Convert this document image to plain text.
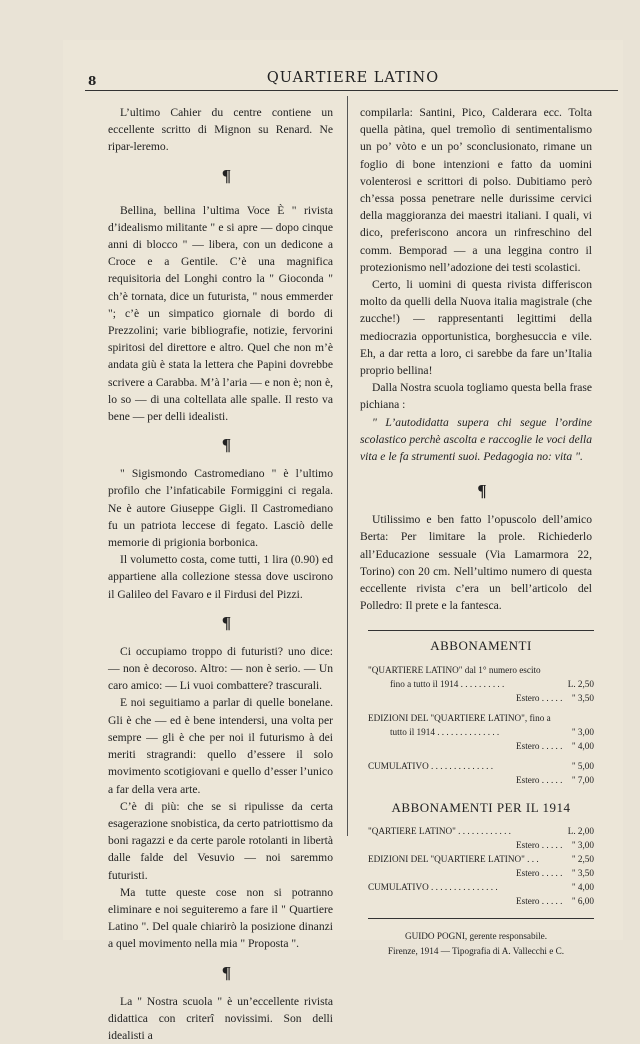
8	QUARTIERE LATINO

L’ultimo Cahier du centre contiene un eccellente scritto di Mignon su Renard. Ne ripar-leremo.

¶

Bellina, bellina l’ultima Voce È " rivista d’idealismo militante " e si apre — dopo cinque anni di blocco " — libera, con un dedicone a Croce e a Gentile. C’è una magnifica requisitoria del Longhi contro la " Gioconda " ch’è tornata, dice un futurista, " nous emmerder "; c’è un simpatico giornale di bordo di Prezzolini; varie bibliografie, notizie, fervorini spiritosi del direttore e altro. Quel che non m’è andata giù è stata la lettera che Papini dovrebbe scrivere a Carabba. M’à l’aria — e non è; non è, lo so — di una coltellata alle spalle. Il resto va bene — per delli idealisti.

¶

" Sigismondo Castromediano " è l’ultimo profilo che l’infaticabile Formiggini ci regala. Ne è autore Giuseppe Gigli. Il Castromediano fu un patriota leccese di fegato. Lasciò delle memorie di prigionia borbonica.

Il volumetto costa, come tutti, 1 lira (0.90) ed appartiene alla collezione stessa dove uscirono il Galileo del Favaro e il Firdusi del Pizzi.

¶

Ci occupiamo troppo di futuristi? uno dice: — non è decoroso. Altro: — non è serio. — Un caro amico: — Li vuoi combattere? trascurali.

E noi seguitiamo a parlar di quelle bonelane. Gli è che — ed è bene intendersi, una volta per sempre — gli è che per noi il futurismo à dei meriti stragrandi: quello d’essere il solo movimento scotigiovani e quello d’esser l’unico a far della vera arte.

C’è di più: che se si ripulisse da certa esagerazione snobistica, da certo patriottismo da boni ragazzi e da certe parole rotolanti in libertà dalle falde del Vesuvio — noi saremmo futuristi.

Ma tutte queste cose non si potranno eliminare e noi seguiteremo a fare il " Quartiere Latino ". Del quale chiarirò la posizione dinanzi a quel movimento nella mia " Proposta ".

¶

La " Nostra scuola " è un’eccellente rivista didattica con criterî novissimi. Son delli idealisti a

compilarla: Santini, Pico, Calderara ecc. Tolta quella pàtina, quel tremolìo di sentimentalismo un po’ vòto e un po’ sconclusionato, rimane un foglio di bone intenzioni e fatto da uomini volenterosi e scrittori di polso. Dubitiamo però ch’essa possa penetrare nelle durissime cervici della maggioranza dei maestri italiani. I quali, vi dico, preferiscono ancora un rinfreschino del comm. Bemporad — a una leggina contro il protezionismo nell’adozione dei testi scolastici.

Certo, li uomini di questa rivista differiscon molto da quelli della Nuova italia magistrale (che zucche!) — rappresentanti legittimi della mediocrazia opportunistica, borghesuccia e vile. Eh, a dar retta a loro, ci sarebbe da fare un’Italia proprio bellina!

Dalla Nostra scuola togliamo questa bella frase pichiana :

" L’autodidatta supera chi segue l’ordine scolastico perchè ascolta e raccoglie le voci della vita e le fa strumenti suoi. Pedagogia no: vita ".

¶

Utilissimo e ben fatto l’opuscolo dell’amico Berta: Per limitare la prole. Richiederlo all’Educazione sessuale (Via Lamarmora 22, Torino) con 20 cm. Nell’ultimo numero di questa eccellente rivista c’era un bell’articolo del Polledro: Il prete e la fantesca.

ABBONAMENTI
"QUARTIERE LATINO" dal 1° numero escito
fino a tutto il 1914 . . . . . . . . . .	L. 2,50
Estero . . . . . " 3,50
EDIZIONI DEL "QUARTIERE LATINO", fino a
tutto il 1914 . . . . . . . . . . . . . .	" 3,00
Estero . . . . . " 4,00
CUMULATIVO . . . . . . . . . . . . . .	" 5,00
Estero . . . . . " 7,00
ABBONAMENTI PER IL 1914
"QARTIERE LATINO" . . . . . . . . . . . .	L. 2,00
Estero . . . . . " 3,00
EDIZIONI DEL "QUARTIERE LATINO" . . .	" 2,50
Estero . . . . . " 3,50
CUMULATIVO . . . . . . . . . . . . . . .	" 4,00
Estero . . . . . " 6,00
GUIDO POGNI, gerente responsabile.
Firenze, 1914 — Tipografia di A. Vallecchi e C.
